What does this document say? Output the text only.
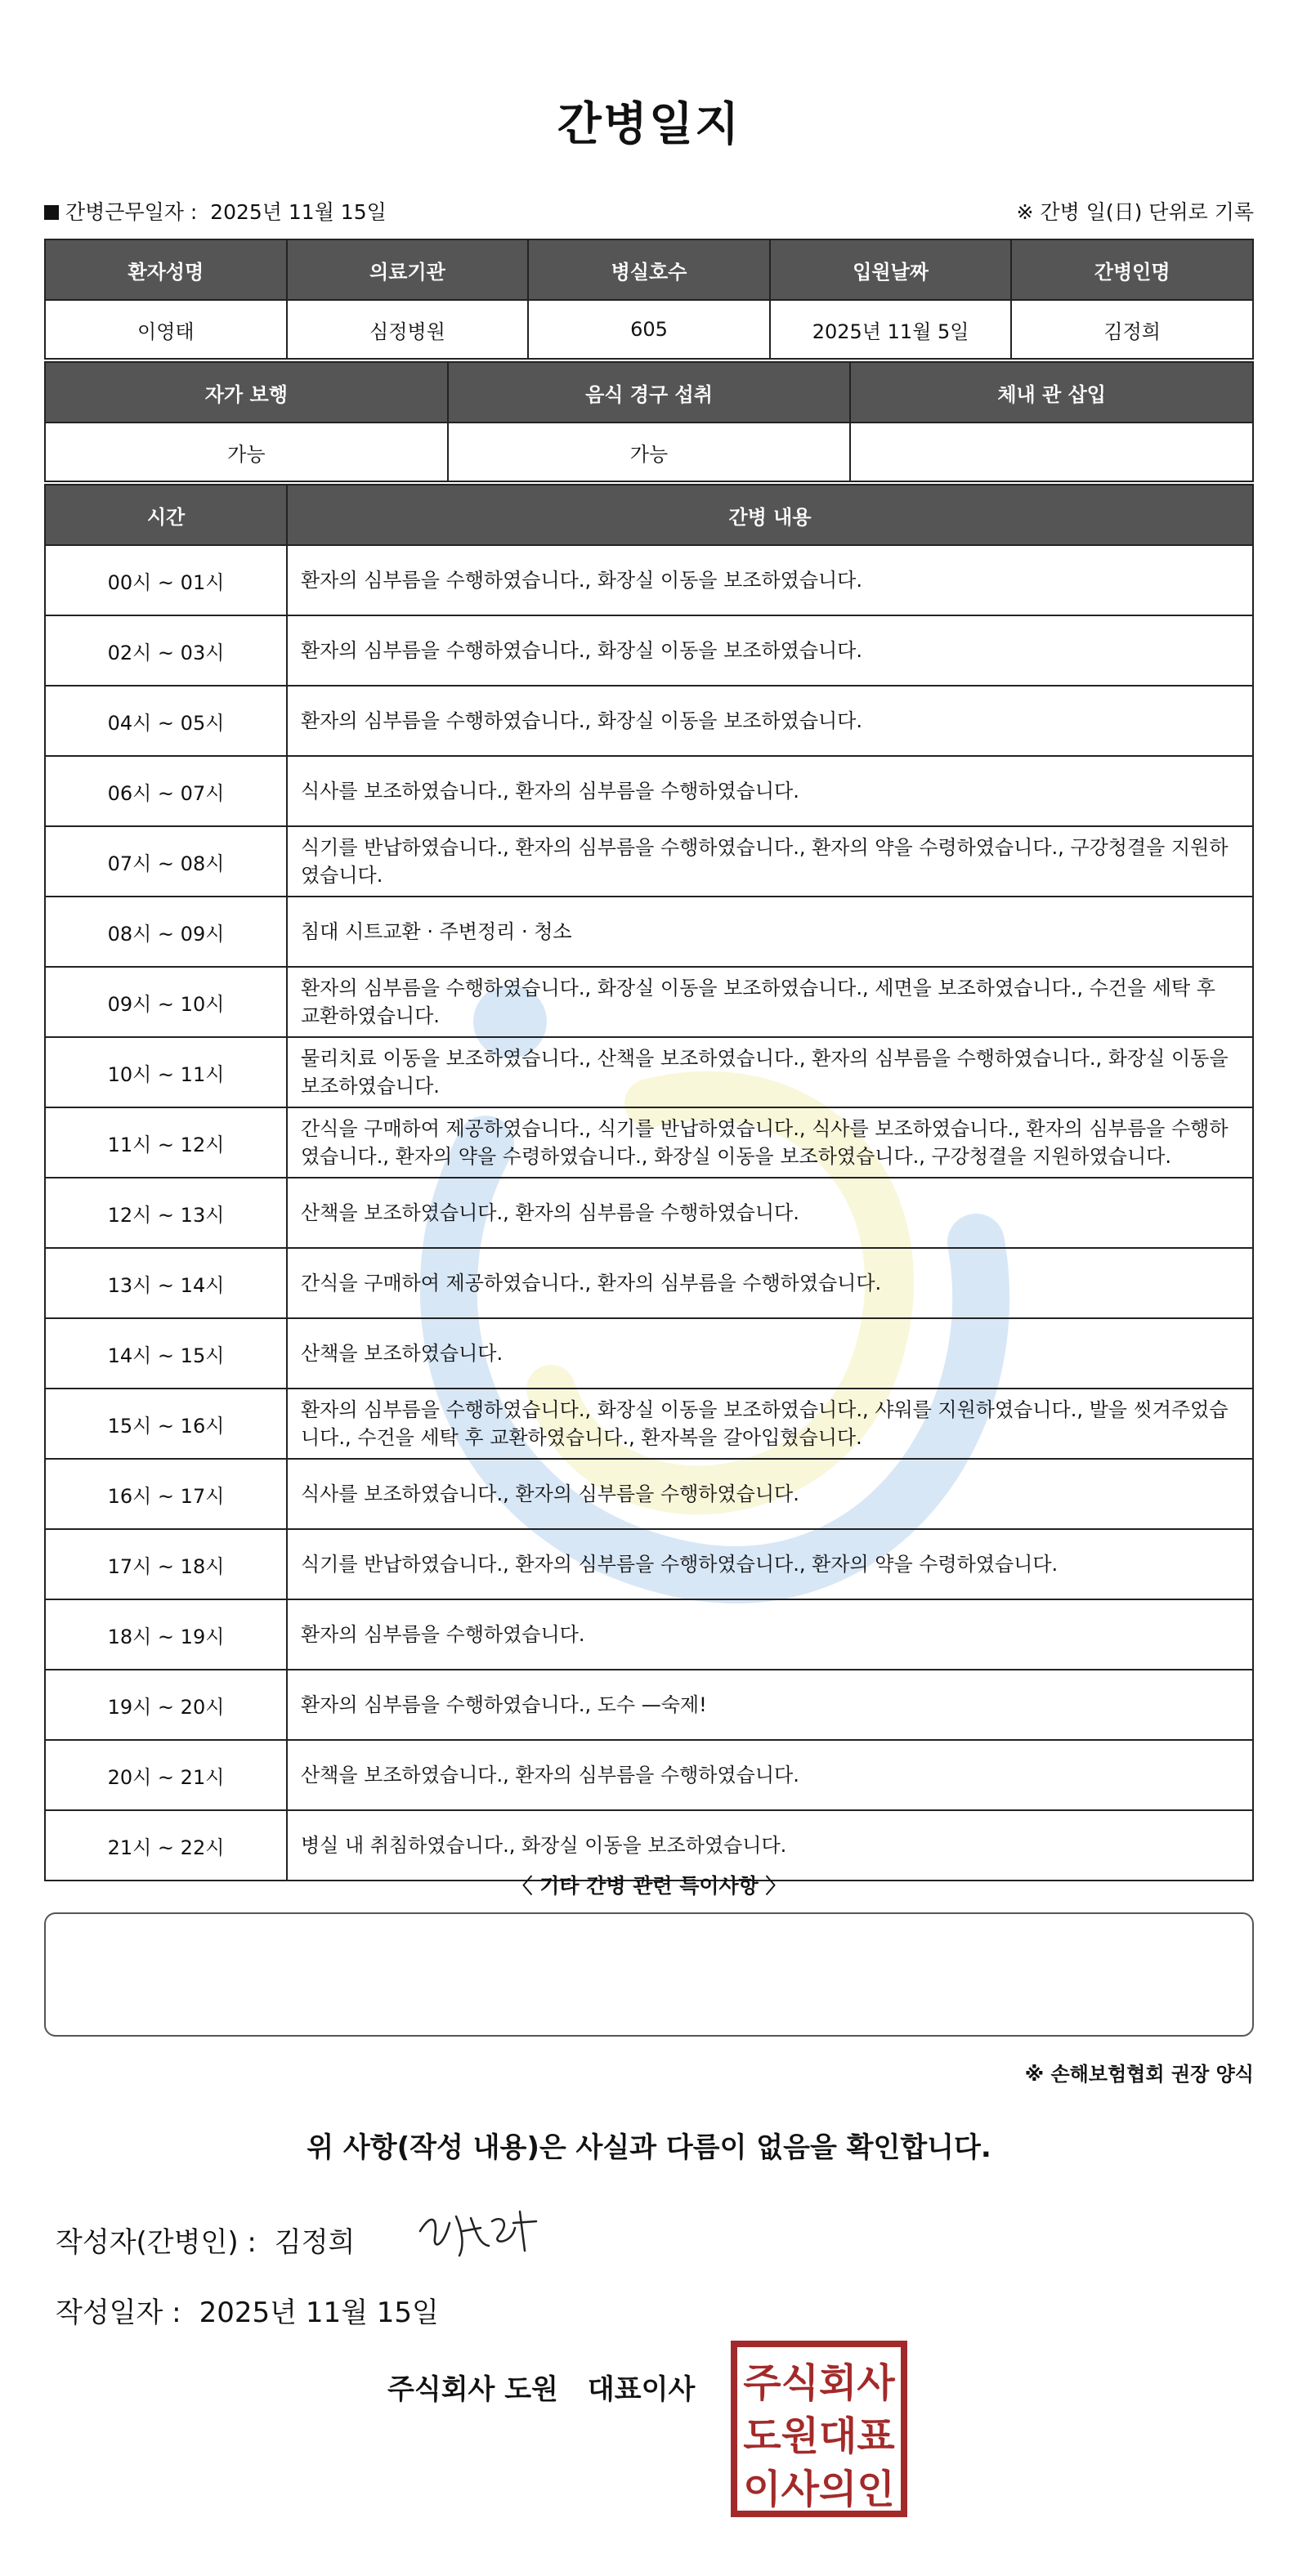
간병일지
간병근무일자 :  2025년 11월 15일	※ 간병 일(日) 단위로 기록
환자성명	의료기관	병실호수	입원날짜	간병인명
이영태	심정병원	605	2025년 11월 5일	김정희
자가 보행	음식 경구 섭취	체내 관 삽입
가능	가능	
시간	간병 내용
00시 ~ 01시	환자의 심부름을 수행하였습니다., 화장실 이동을 보조하였습니다.
02시 ~ 03시	환자의 심부름을 수행하였습니다., 화장실 이동을 보조하였습니다.
04시 ~ 05시	환자의 심부름을 수행하였습니다., 화장실 이동을 보조하였습니다.
06시 ~ 07시	식사를 보조하였습니다., 환자의 심부름을 수행하였습니다.
07시 ~ 08시	식기를 반납하였습니다., 환자의 심부름을 수행하였습니다., 환자의 약을 수령하였습니다., 구강청결을 지원하였습니다.
08시 ~ 09시	침대 시트교환 · 주변정리 · 청소
09시 ~ 10시	환자의 심부름을 수행하였습니다., 화장실 이동을 보조하였습니다., 세면을 보조하였습니다., 수건을 세탁 후 교환하였습니다.
10시 ~ 11시	물리치료 이동을 보조하였습니다., 산책을 보조하였습니다., 환자의 심부름을 수행하였습니다., 화장실 이동을 보조하였습니다.
11시 ~ 12시	간식을 구매하여 제공하였습니다., 식기를 반납하였습니다., 식사를 보조하였습니다., 환자의 심부름을 수행하였습니다., 환자의 약을 수령하였습니다., 화장실 이동을 보조하였습니다., 구강청결을 지원하였습니다.
12시 ~ 13시	산책을 보조하였습니다., 환자의 심부름을 수행하였습니다.
13시 ~ 14시	간식을 구매하여 제공하였습니다., 환자의 심부름을 수행하였습니다.
14시 ~ 15시	산책을 보조하였습니다.
15시 ~ 16시	환자의 심부름을 수행하였습니다., 화장실 이동을 보조하였습니다., 샤워를 지원하였습니다., 발을 씻겨주었습니다., 수건을 세탁 후 교환하였습니다., 환자복을 갈아입혔습니다.
16시 ~ 17시	식사를 보조하였습니다., 환자의 심부름을 수행하였습니다.
17시 ~ 18시	식기를 반납하였습니다., 환자의 심부름을 수행하였습니다., 환자의 약을 수령하였습니다.
18시 ~ 19시	환자의 심부름을 수행하였습니다.
19시 ~ 20시	환자의 심부름을 수행하였습니다., 도수 —숙제!
20시 ~ 21시	산책을 보조하였습니다., 환자의 심부름을 수행하였습니다.
21시 ~ 22시	병실 내 취침하였습니다., 화장실 이동을 보조하였습니다.
〈 기타 간병 관련 특이사항 〉
※ 손해보험협회 권장 양식
위 사항(작성 내용)은 사실과 다름이 없음을 확인합니다.
작성자(간병인) : 김정희
작성일자 : 2025년 11월 15일
주식회사 도원 대표이사 주식회사
도원대표
이사의인
